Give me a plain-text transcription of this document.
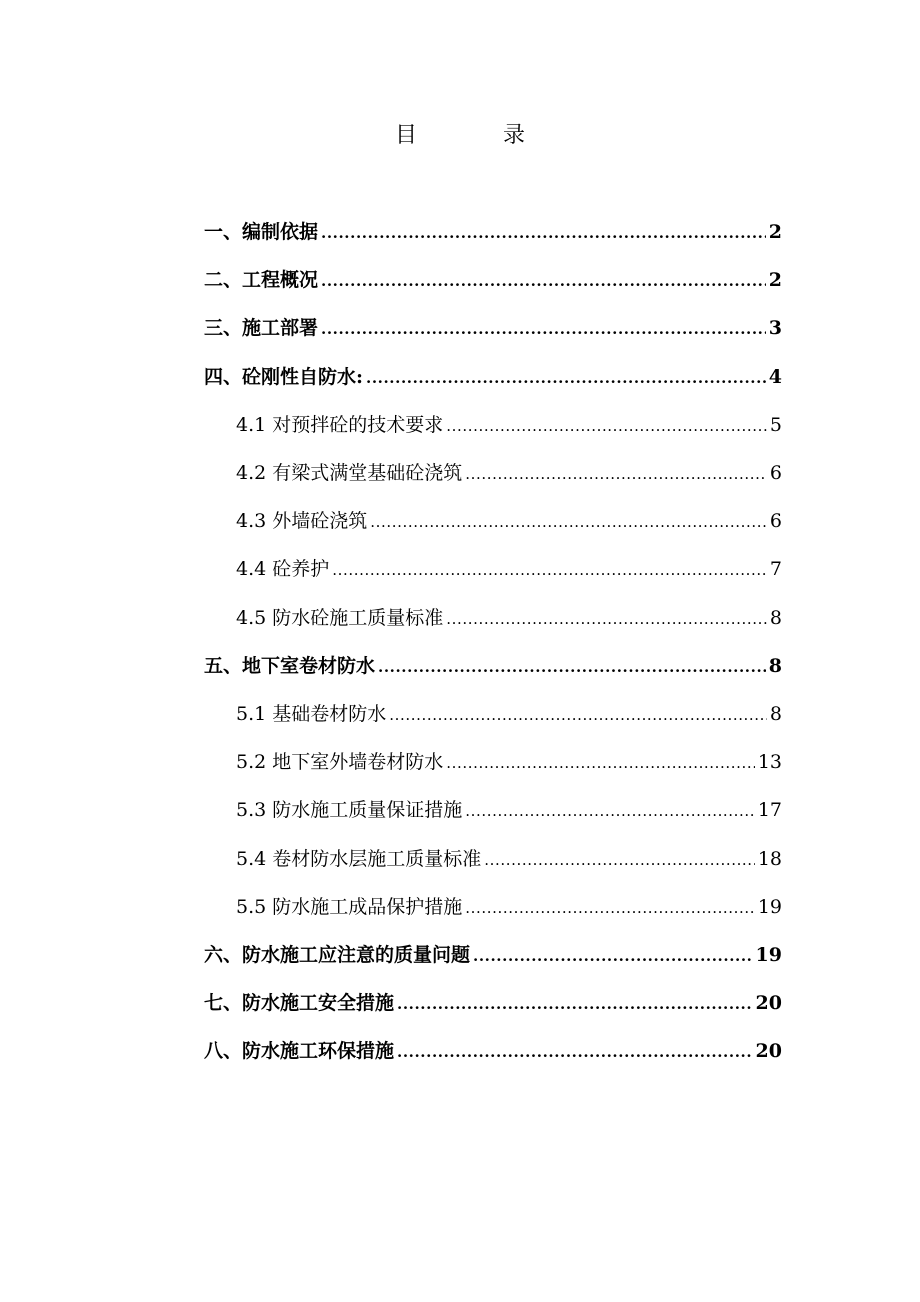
目	录
一、编制依据 .....	2
二、工程概况 .....	2
三、施工部署 .....	3
四、砼刚性自防水: .....	4
4.1 对预拌砼的技术要求 .....	5
4.2 有梁式满堂基础砼浇筑 .....	6
4.3 外墙砼浇筑 .....	6
4.4 砼养护 .....	7
4.5 防水砼施工质量标准 .....	8
五、地下室卷材防水 .....	8
5.1 基础卷材防水 .....	8
5.2 地下室外墙卷材防水 .....	13
5.3 防水施工质量保证措施 .....	17
5.4 卷材防水层施工质量标准 .....	18
5.5 防水施工成品保护措施 .....	19
六、防水施工应注意的质量问题 .....	19
七、防水施工安全措施 .....	20
八、防水施工环保措施 .....	20
